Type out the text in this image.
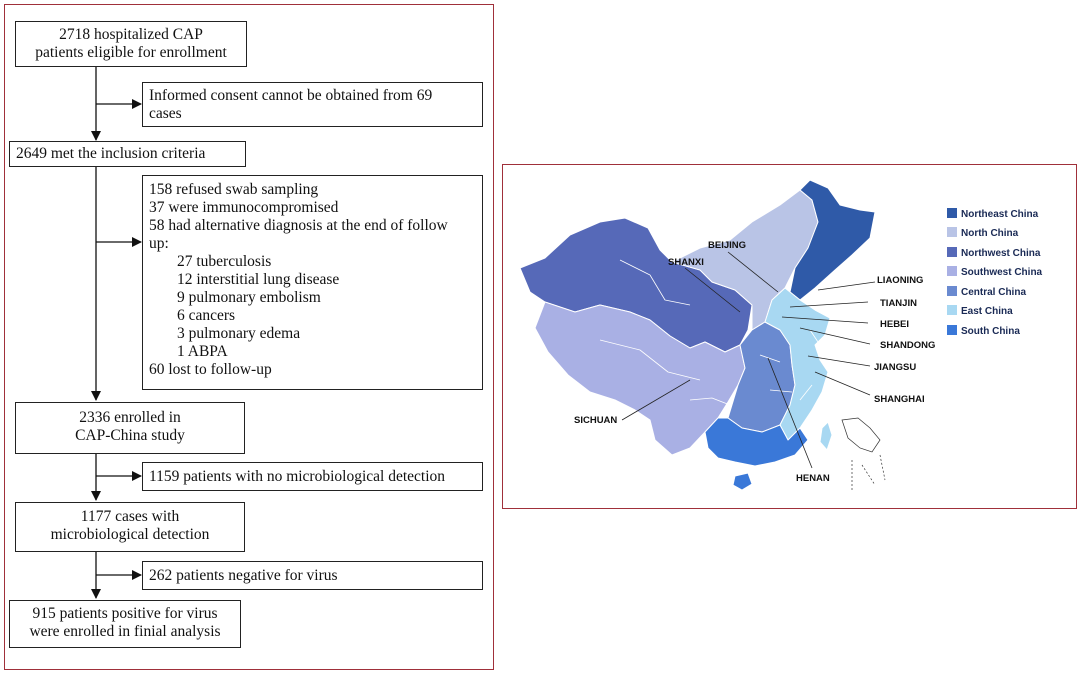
2718 hospitalized CAP
patients eligible for enrollment
Informed consent cannot be obtained from 69
cases
2649 met the inclusion criteria
158 refused swab sampling
37 were immunocompromised
58 had alternative diagnosis at the end of follow
up:
27 tuberculosis
12 interstitial lung disease
9 pulmonary embolism
6 cancers
3 pulmonary edema
1 ABPA
60 lost to follow-up
2336 enrolled in
CAP-China study
1159 patients with no microbiological detection
1177 cases with
microbiological detection
262 patients negative for virus
915 patients positive for virus
were enrolled in finial analysis
BEIJING
SHANXI
LIAONING
TIANJIN
HEBEI
SHANDONG
JIANGSU
SHANGHAI
SICHUAN
HENAN
Northeast China
North China
Northwest China
Southwest China
Central China
East China
South China
